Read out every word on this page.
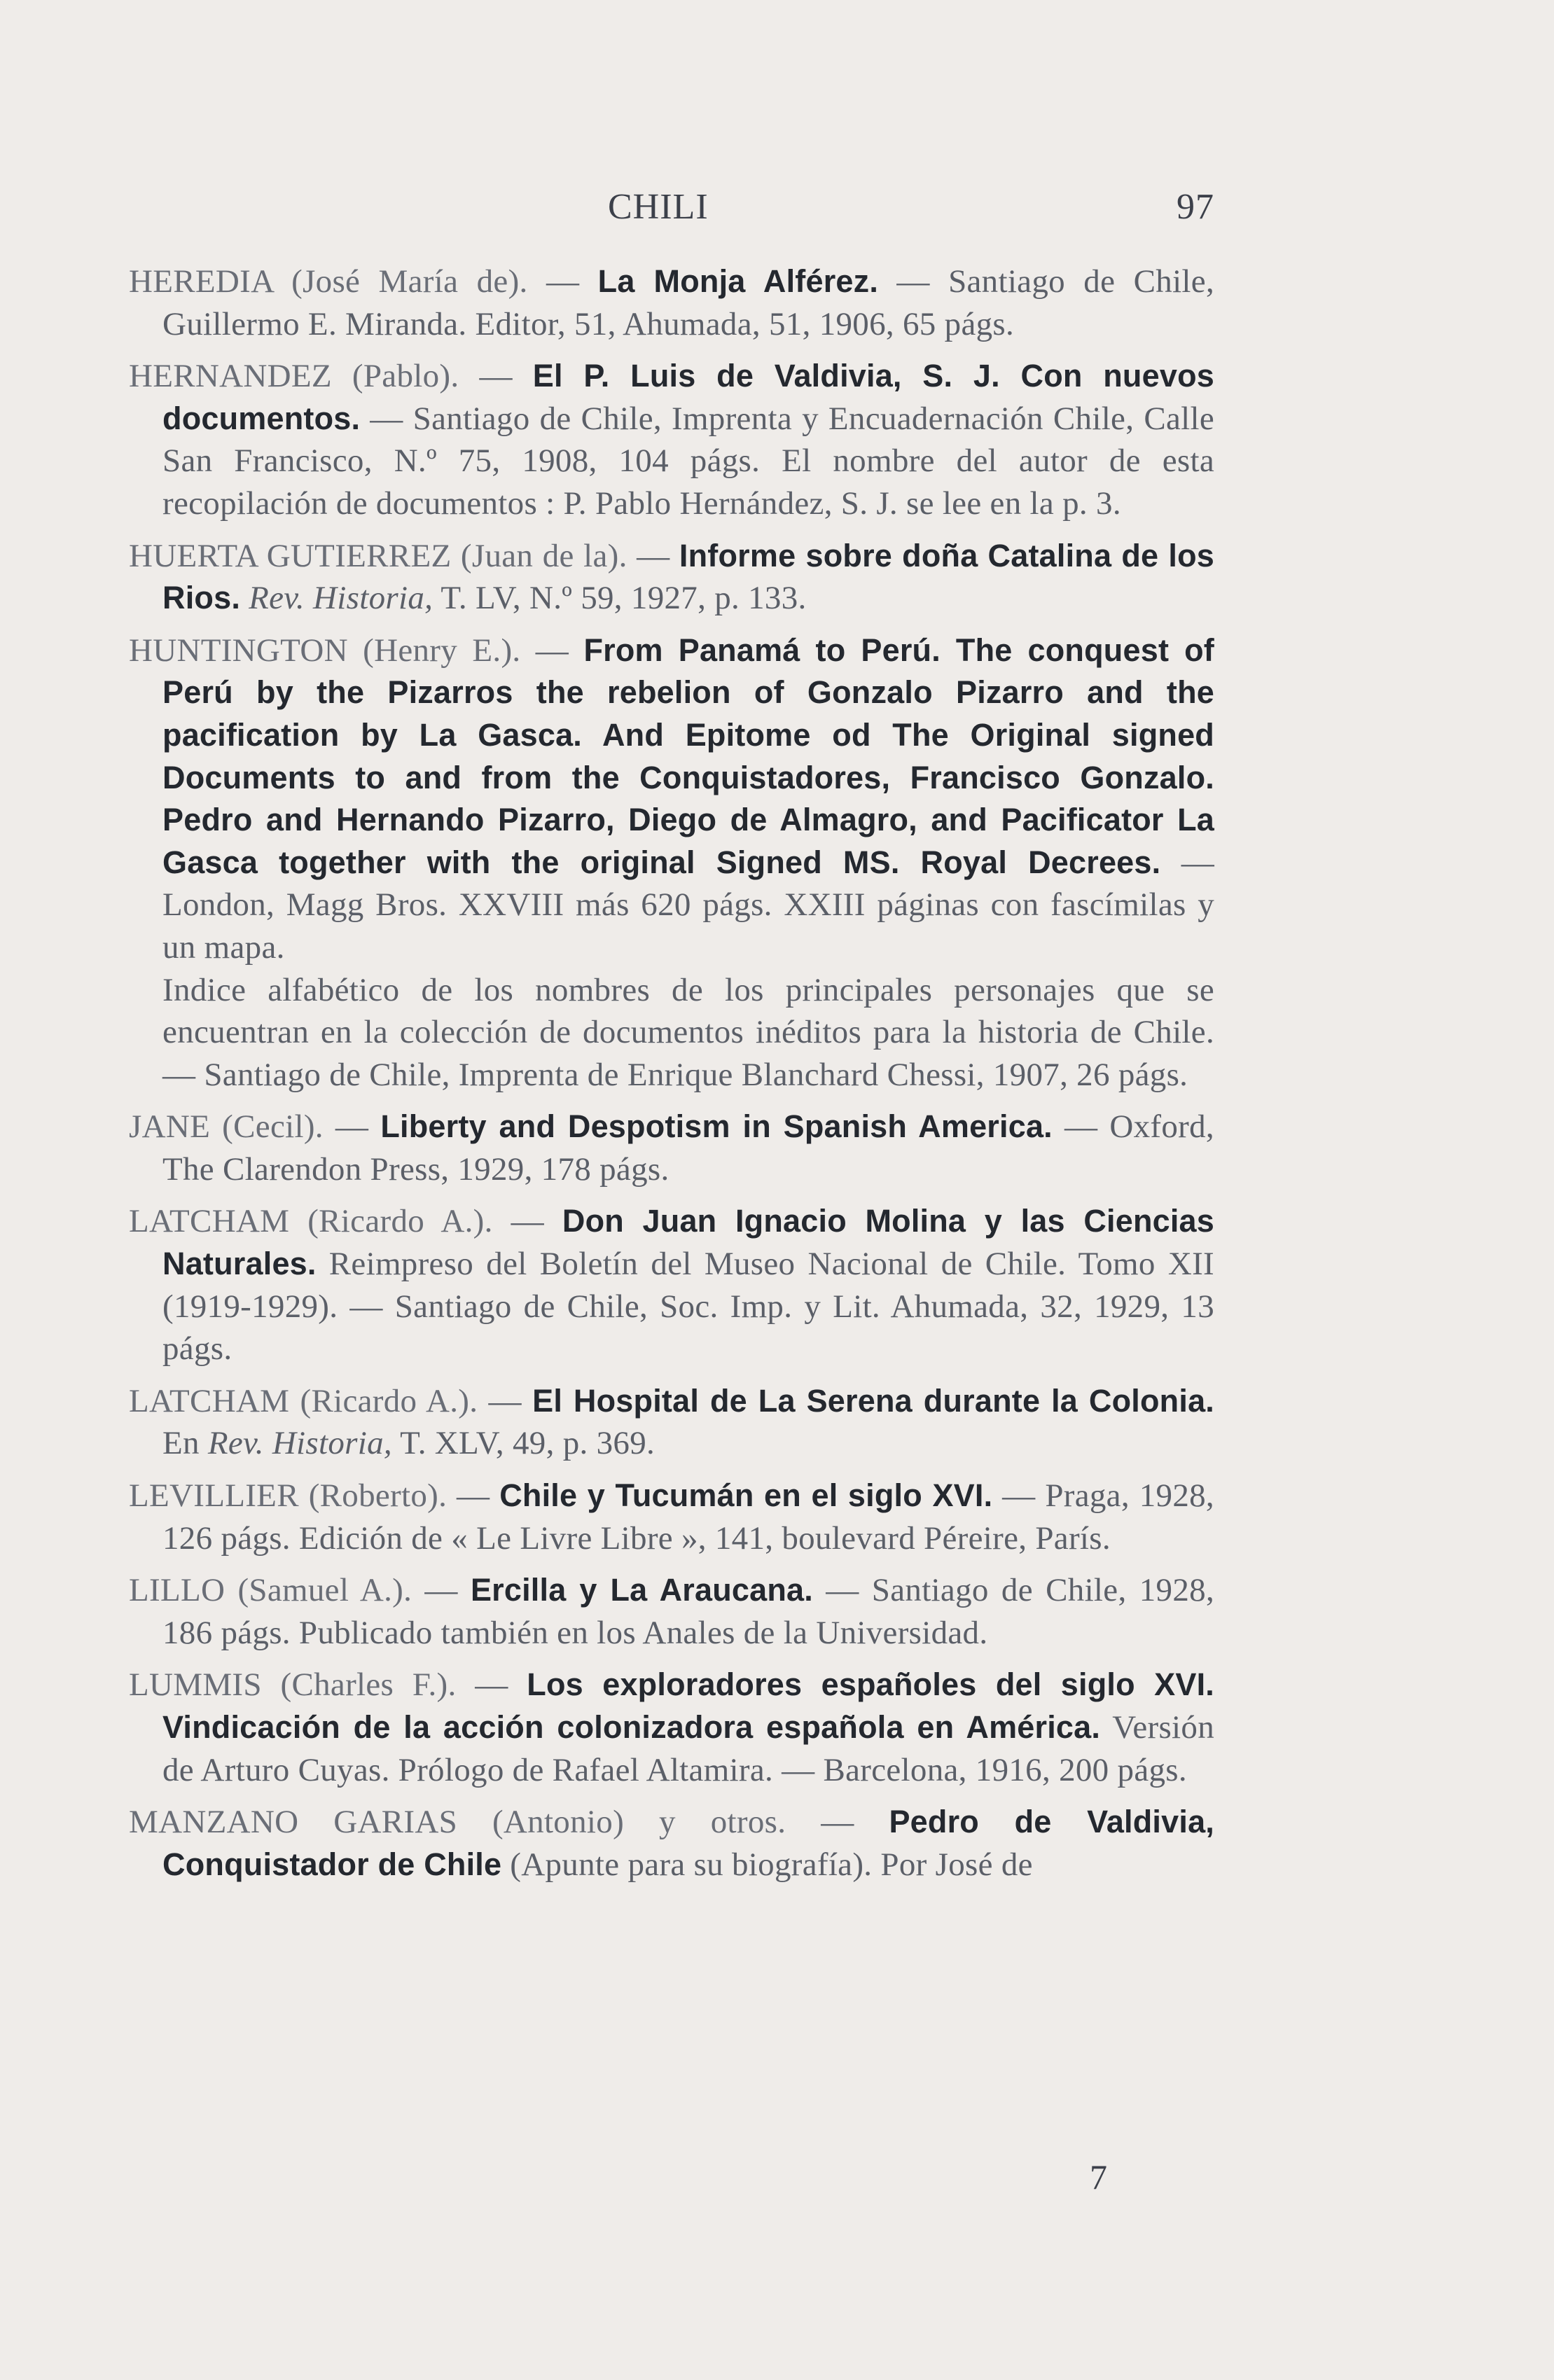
CHILI	97

HEREDIA (José María de). — La Monja Alférez. — Santiago de Chile, Guillermo E. Miranda. Editor, 51, Ahumada, 51, 1906, 65 págs.

HERNANDEZ (Pablo). — El P. Luis de Valdivia, S. J. Con nuevos documentos. — Santiago de Chile, Imprenta y Encuadernación Chile, Calle San Francisco, N.º 75, 1908, 104 págs. El nombre del autor de esta recopilación de documentos : P. Pablo Hernández, S. J. se lee en la p. 3.

HUERTA GUTIERREZ (Juan de la). — Informe sobre doña Catalina de los Rios. Rev. Historia, T. LV, N.º 59, 1927, p. 133.

HUNTINGTON (Henry E.). — From Panamá to Perú. The conquest of Perú by the Pizarros the rebelion of Gonzalo Pizarro and the pacification by La Gasca. And Epitome od The Original signed Documents to and from the Conquistadores, Francisco Gonzalo. Pedro and Hernando Pizarro, Diego de Almagro, and Pacificator La Gasca together with the original Signed MS. Royal Decrees. — London, Magg Bros. XXVIII más 620 págs. XXIII páginas con fascímilas y un mapa.

Indice alfabético de los nombres de los principales personajes que se encuentran en la colección de documentos inéditos para la historia de Chile. — Santiago de Chile, Imprenta de Enrique Blanchard Chessi, 1907, 26 págs.

JANE (Cecil). — Liberty and Despotism in Spanish America. — Oxford, The Clarendon Press, 1929, 178 págs.

LATCHAM (Ricardo A.). — Don Juan Ignacio Molina y las Ciencias Naturales. Reimpreso del Boletín del Museo Nacional de Chile. Tomo XII (1919-1929). — Santiago de Chile, Soc. Imp. y Lit. Ahumada, 32, 1929, 13 págs.

LATCHAM (Ricardo A.). — El Hospital de La Serena durante la Colonia. En Rev. Historia, T. XLV, 49, p. 369.

LEVILLIER (Roberto). — Chile y Tucumán en el siglo XVI. — Praga, 1928, 126 págs. Edición de « Le Livre Libre », 141, boulevard Péreire, París.

LILLO (Samuel A.). — Ercilla y La Araucana. — Santiago de Chile, 1928, 186 págs. Publicado también en los Anales de la Universidad.

LUMMIS (Charles F.). — Los exploradores españoles del siglo XVI. Vindicación de la acción colonizadora española en América. Versión de Arturo Cuyas. Prólogo de Rafael Altamira. — Barcelona, 1916, 200 págs.

MANZANO GARIAS (Antonio) y otros. — Pedro de Valdivia, Conquistador de Chile (Apunte para su biografía). Por José de

7
